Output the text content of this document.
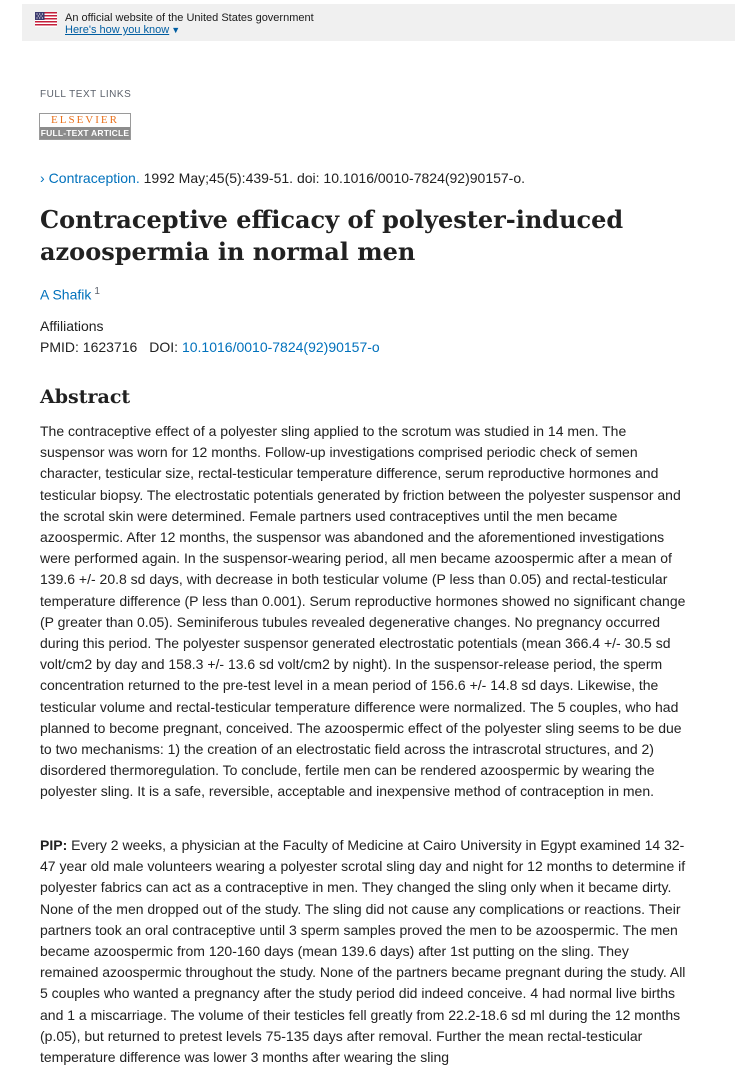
An official website of the United States government
Here's how you know ▼
FULL TEXT LINKS
ELSEVIER
FULL-TEXT ARTICLE
› Contraception. 1992 May;45(5):439-51. doi: 10.1016/0010-7824(92)90157-o.
Contraceptive efficacy of polyester-induced azoospermia in normal men
A Shafik $^1$
Affiliations
PMID: 1623716 DOI: 10.1016/0010-7824(92)90157-o
Abstract

The contraceptive effect of a polyester sling applied to the scrotum was studied in 14 men. The suspensor was worn for 12 months. Follow-up investigations comprised periodic check of semen character, testicular size, rectal-testicular temperature difference, serum reproductive hormones and testicular biopsy. The electrostatic potentials generated by friction between the polyester suspensor and the scrotal skin were determined. Female partners used contraceptives until the men became azoospermic. After 12 months, the suspensor was abandoned and the aforementioned investigations were performed again. In the suspensor-wearing period, all men became azoospermic after a mean of 139.6 +/- 20.8 sd days, with decrease in both testicular volume (P less than 0.05) and rectal-testicular temperature difference (P less than 0.001). Serum reproductive hormones showed no significant change (P greater than 0.05). Seminiferous tubules revealed degenerative changes. No pregnancy occurred during this period. The polyester suspensor generated electrostatic potentials (mean 366.4 +/- 30.5 sd volt/cm2 by day and 158.3 +/- 13.6 sd volt/cm2 by night). In the suspensor-release period, the sperm concentration returned to the pre-test level in a mean period of 156.6 +/- 14.8 sd days. Likewise, the testicular volume and rectal-testicular temperature difference were normalized. The 5 couples, who had planned to become pregnant, conceived. The azoospermic effect of the polyester sling seems to be due to two mechanisms: 1) the creation of an electrostatic field across the intrascrotal structures, and 2) disordered thermoregulation. To conclude, fertile men can be rendered azoospermic by wearing the polyester sling. It is a safe, reversible, acceptable and inexpensive method of contraception in men.

PIP: Every 2 weeks, a physician at the Faculty of Medicine at Cairo University in Egypt examined 14 32-47 year old male volunteers wearing a polyester scrotal sling day and night for 12 months to determine if polyester fabrics can act as a contraceptive in men. They changed the sling only when it became dirty. None of the men dropped out of the study. The sling did not cause any complications or reactions. Their partners took an oral contraceptive until 3 sperm samples proved the men to be azoospermic. The men became azoospermic from 120-160 days (mean 139.6 days) after 1st putting on the sling. They remained azoospermic throughout the study. None of the partners became pregnant during the study. All 5 couples who wanted a pregnancy after the study period did indeed conceive. 4 had normal live births and 1 a miscarriage. The volume of their testicles fell greatly from 22.2-18.6 sd ml during the 12 months (p.05), but returned to pretest levels 75-135 days after removal. Further the mean rectal-testicular temperature difference was lower 3 months after wearing the sling
